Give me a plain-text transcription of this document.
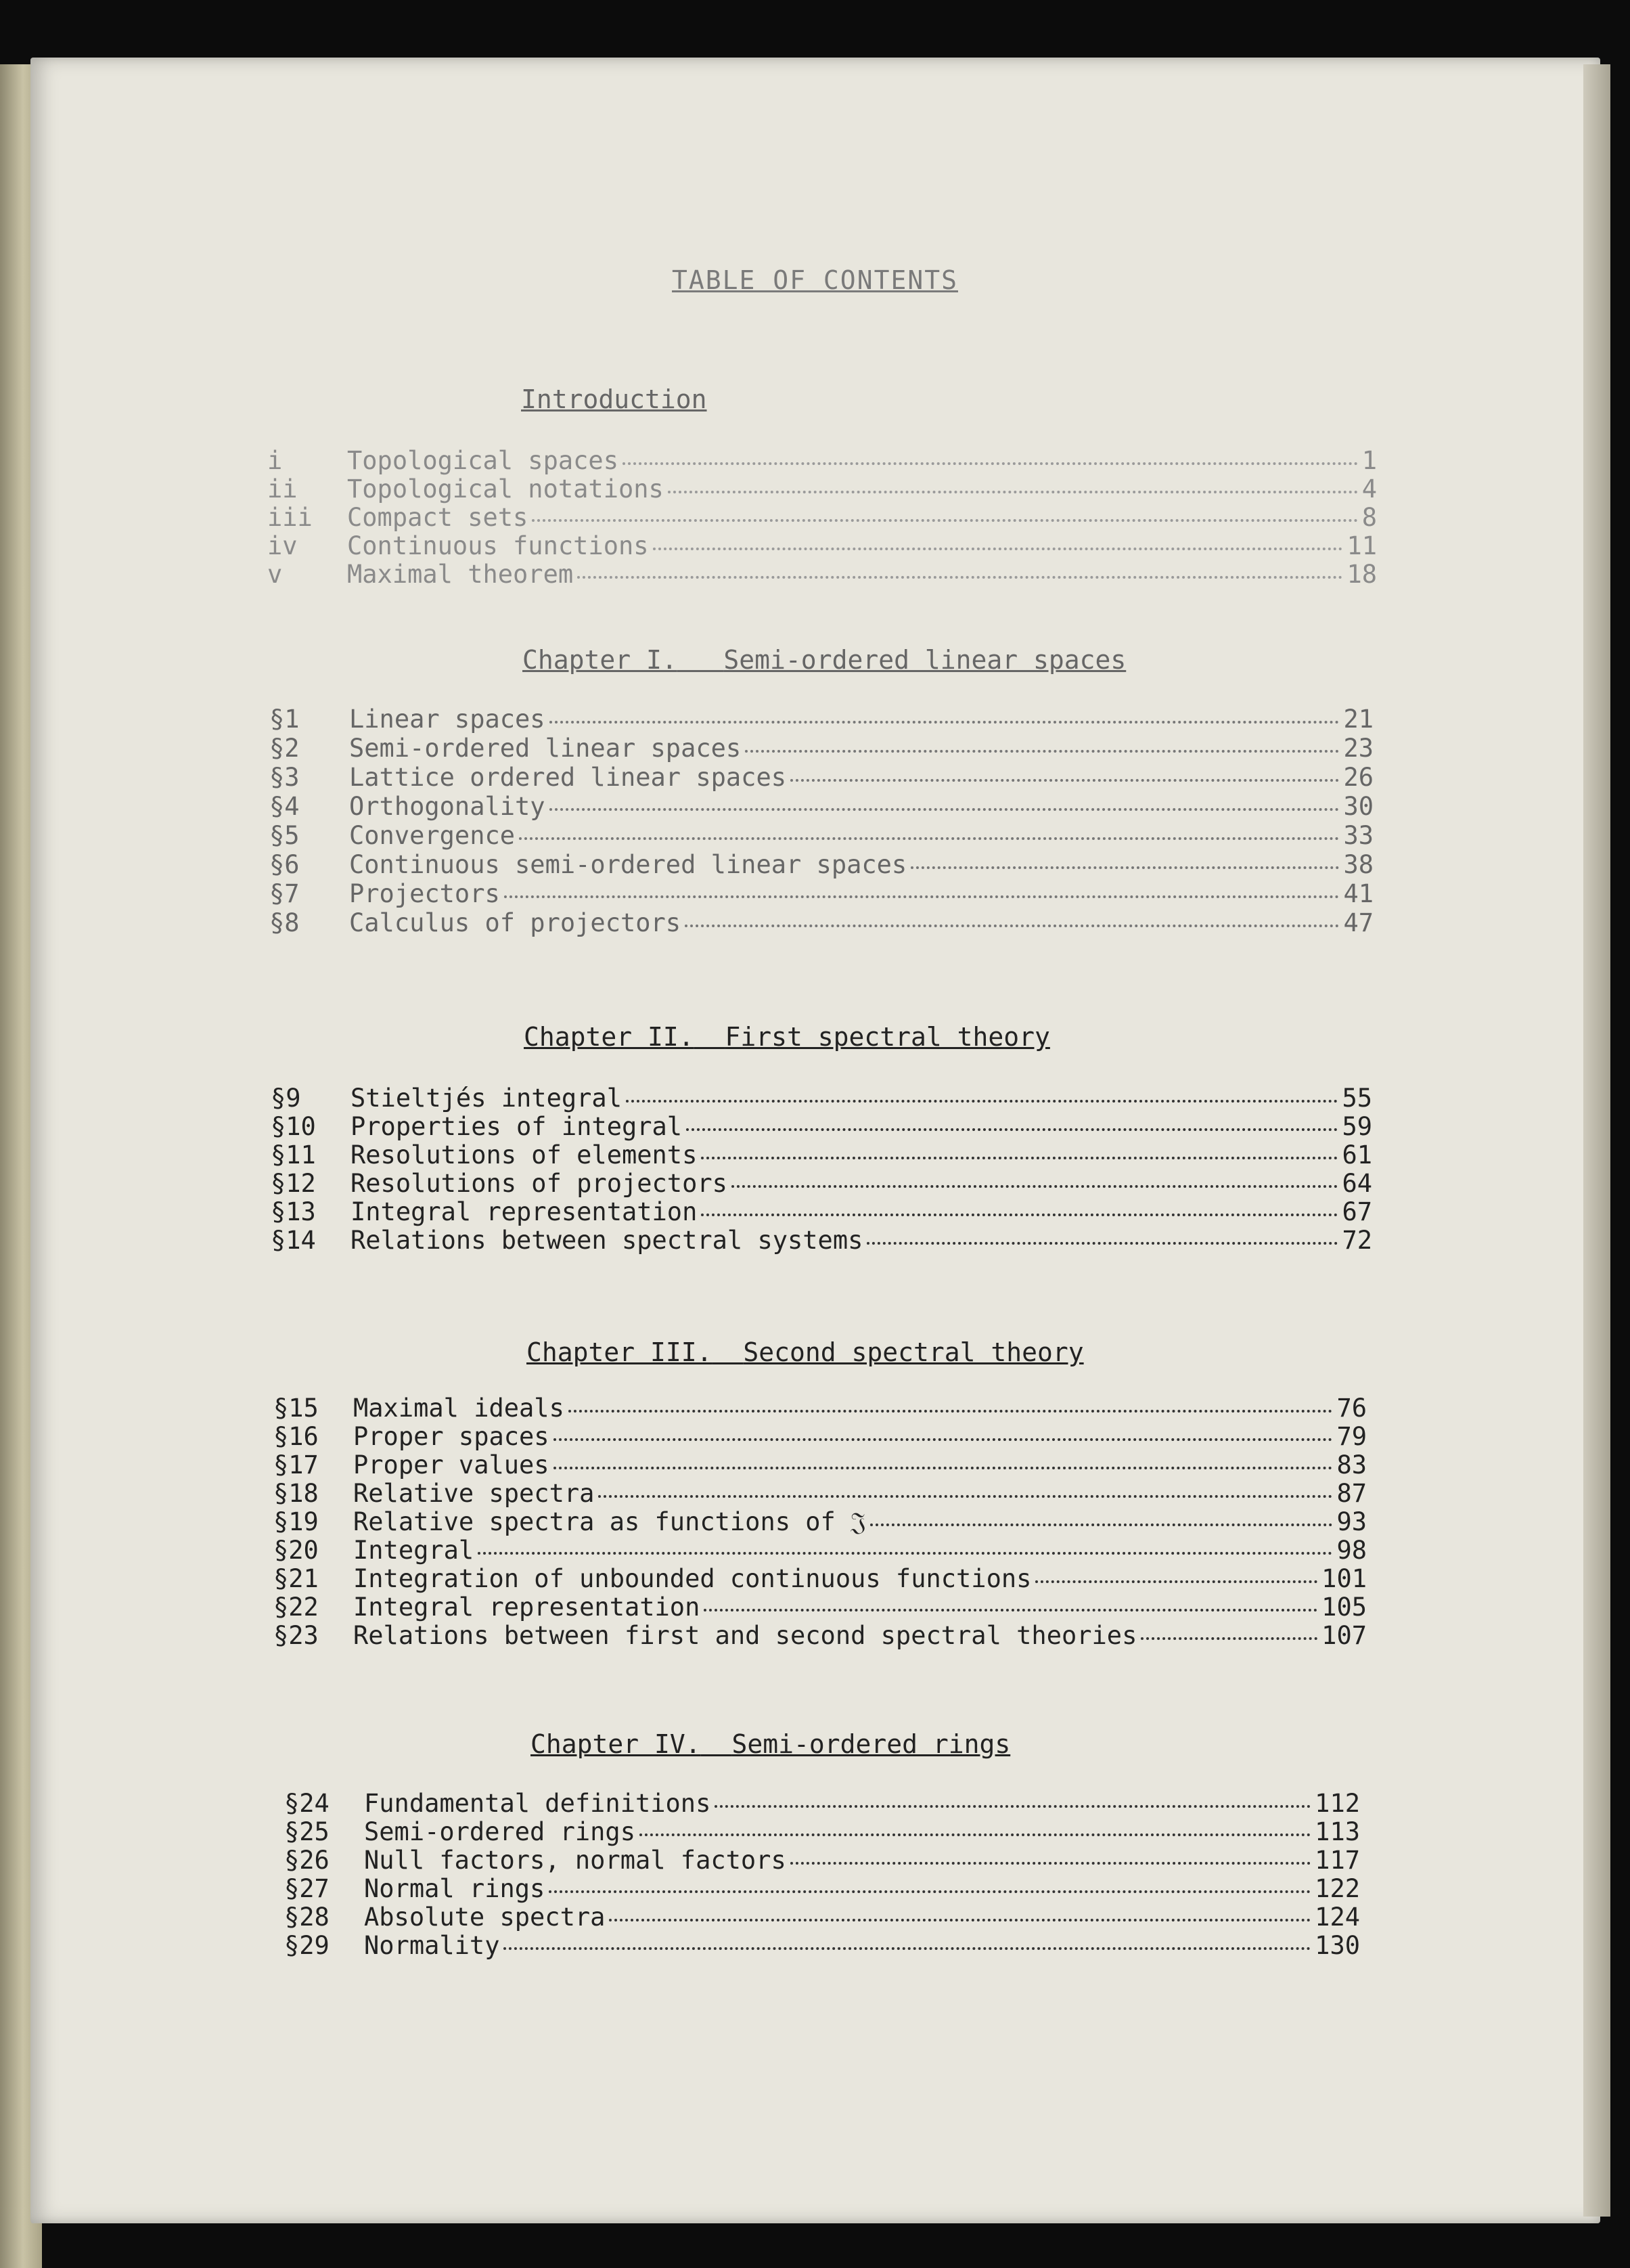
TABLE OF CONTENTS
Introduction
i	Topological spaces	1
ii	Topological notations	4
iii	Compact sets	8
iv	Continuous functions	11
v	Maximal theorem	18
Chapter I. Semi-ordered linear spaces
§1	Linear spaces	21
§2	Semi-ordered linear spaces	23
§3	Lattice ordered linear spaces	26
§4	Orthogonality	30
§5	Convergence	33
§6	Continuous semi-ordered linear spaces	38
§7	Projectors	41
§8	Calculus of projectors	47
Chapter II. First spectral theory
§9	Stieltjés integral	55
§10	Properties of integral	59
§11	Resolutions of elements	61
§12	Resolutions of projectors	64
§13	Integral representation	67
§14	Relations between spectral systems	72
Chapter III. Second spectral theory
§15	Maximal ideals	76
§16	Proper spaces	79
§17	Proper values	83
§18	Relative spectra	87
§19	Relative spectra as functions of 𝔍	93
§20	Integral	98
§21	Integration of unbounded continuous functions	101
§22	Integral representation	105
§23	Relations between first and second spectral theories	107
Chapter IV. Semi-ordered rings
§24	Fundamental definitions	112
§25	Semi-ordered rings	113
§26	Null factors, normal factors	117
§27	Normal rings	122
§28	Absolute spectra	124
§29	Normality	130
